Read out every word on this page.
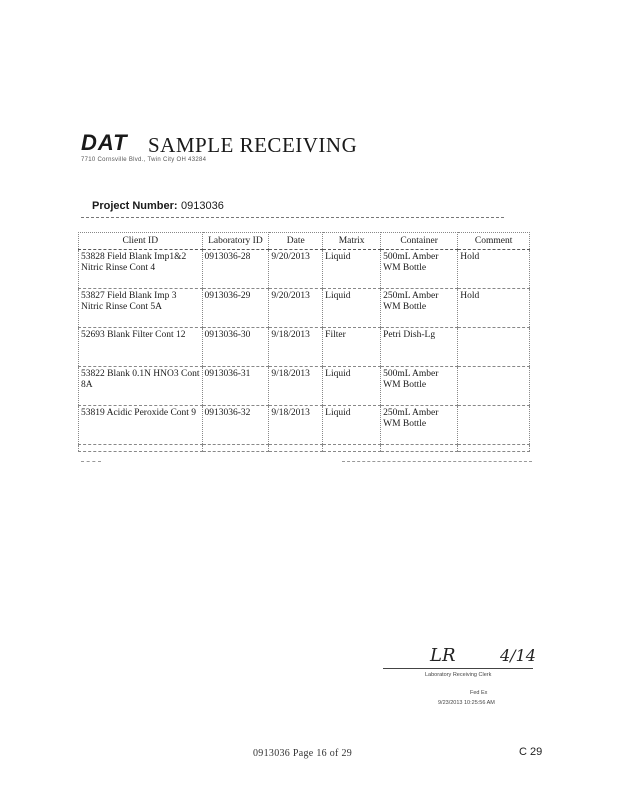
DAT SAMPLE RECEIVING
7710 Cornsville Blvd., Twin City OH 43284
Project Number: 0913036
Client ID	Laboratory ID	Date	Matrix	Container	Comment
53828 Field Blank Imp1&2 Nitric Rinse Cont 4	0913036-28	9/20/2013	Liquid	500mL Amber WM Bottle	Hold
53827 Field Blank Imp 3 Nitric Rinse Cont 5A	0913036-29	9/20/2013	Liquid	250mL Amber WM Bottle	Hold
52693 Blank Filter Cont 12	0913036-30	9/18/2013	Filter	Petri Dish-Lg	
53822 Blank 0.1N HNO3 Cont 8A	0913036-31	9/18/2013	Liquid	500mL Amber WM Bottle	
53819 Acidic Peroxide Cont 9	0913036-32	9/18/2013	Liquid	250mL Amber WM Bottle	

LR	4/14
Laboratory Receiving Clerk
Fed Ex
9/23/2013 10:25:56 AM
0913036 Page 16 of 29	C 29
